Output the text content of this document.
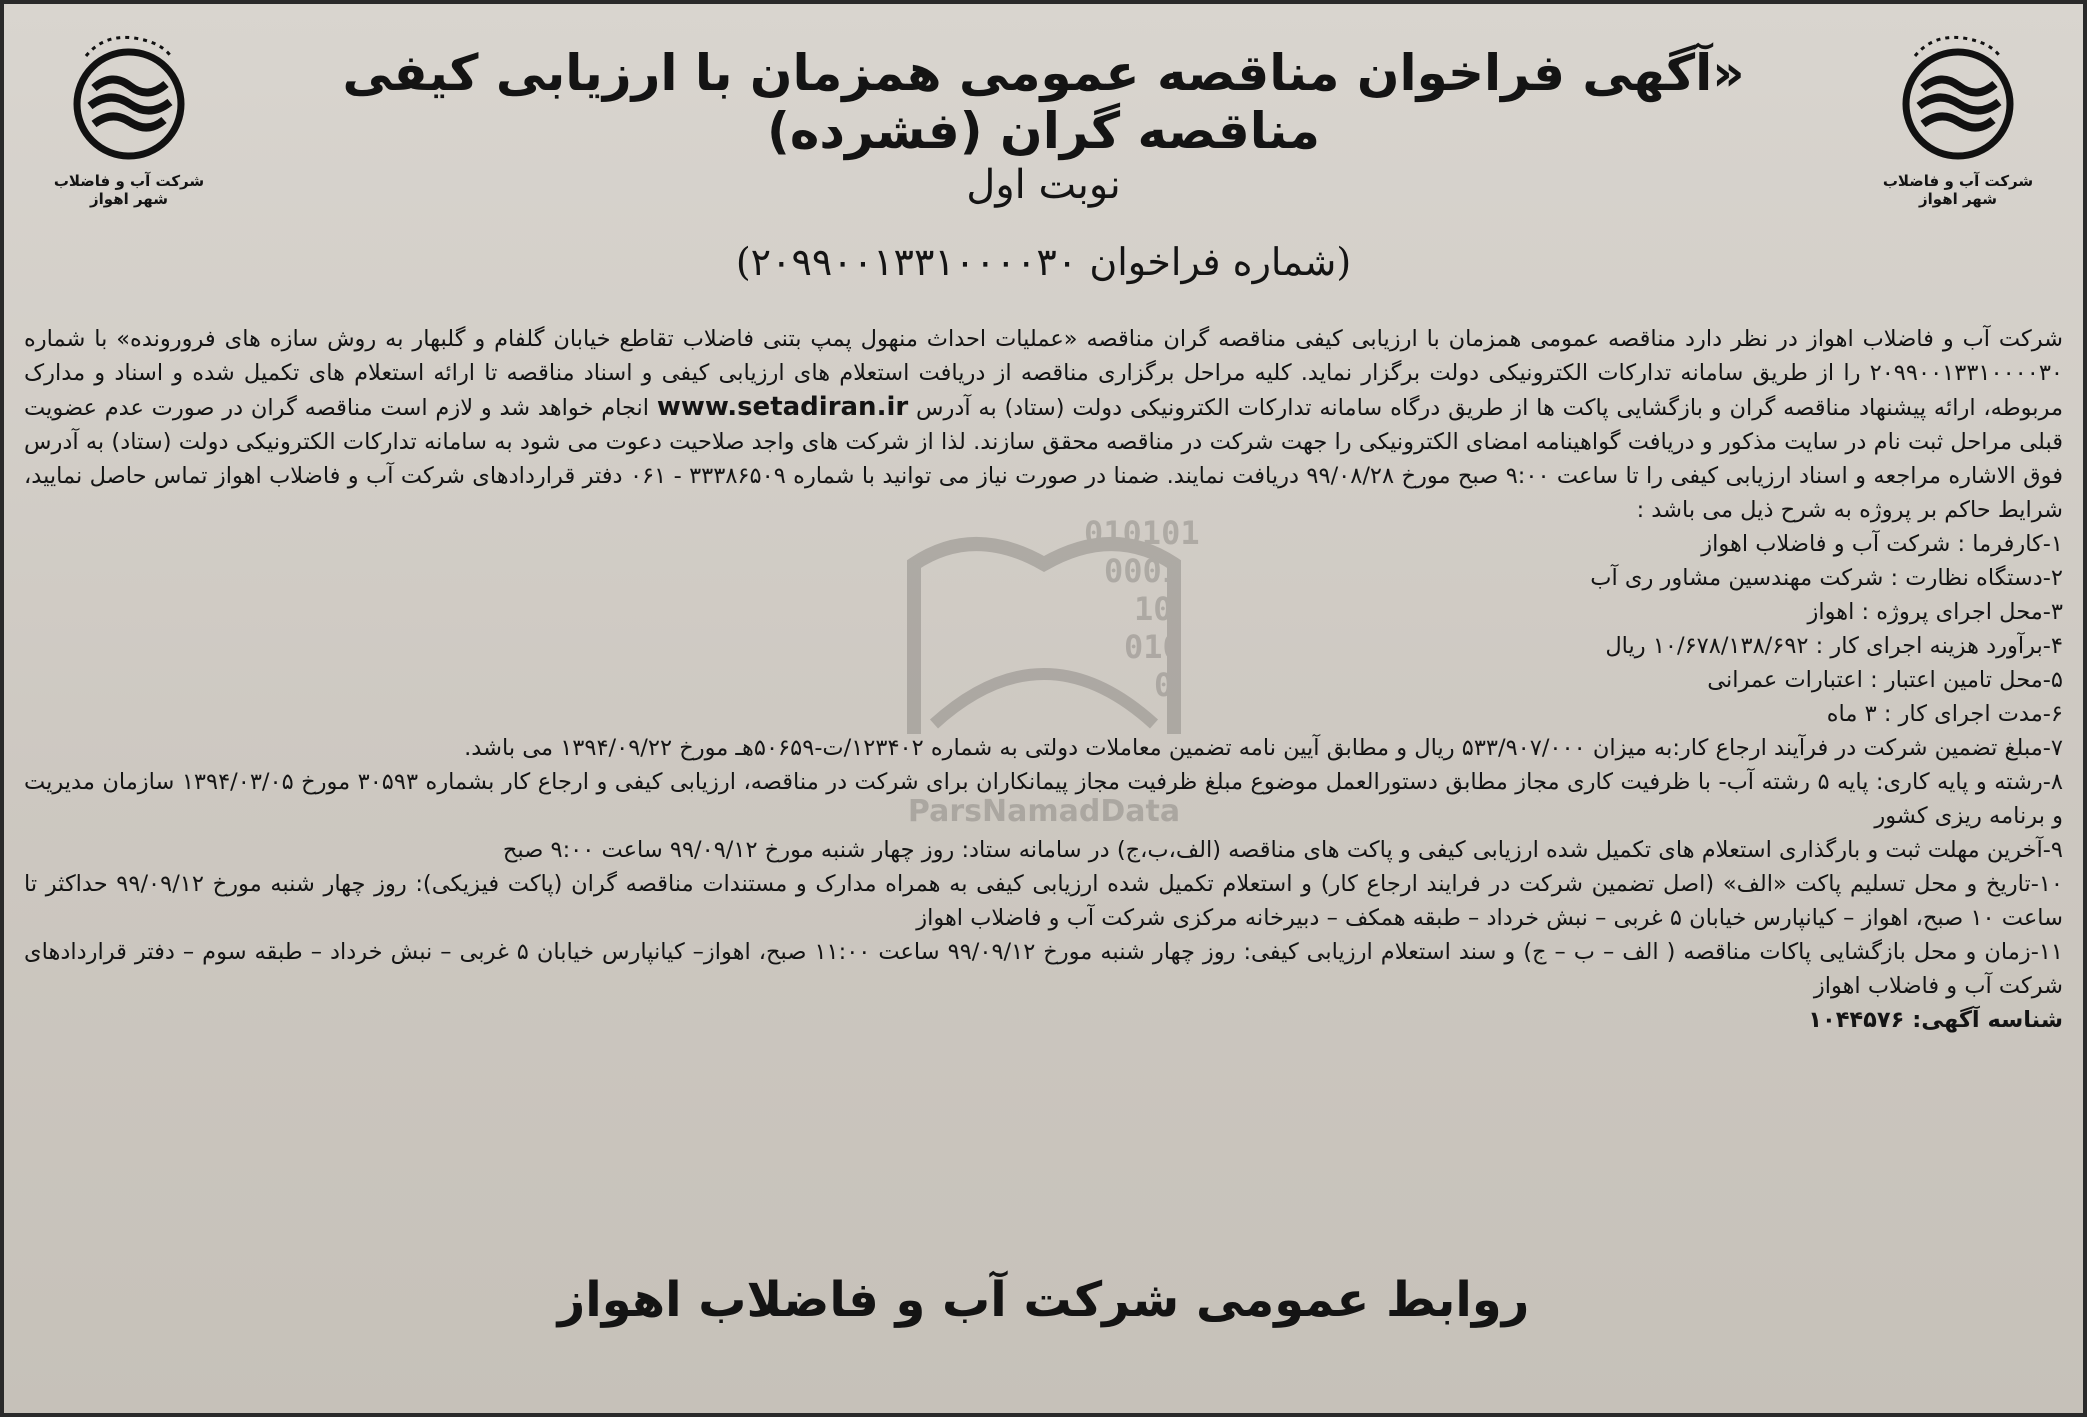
شرکت آب و فاضلاب شهر اهواز
شرکت آب و فاضلاب شهر اهواز
«آگهی فراخوان مناقصه عمومی همزمان با ارزیابی کیفی مناقصه گران (فشرده)
نوبت اول
(شماره فراخوان ۲۰۹۹۰۰۱۳۳۱۰۰۰۰۳۰)
010101
0001
10
010
0
ParsNamadData

شرکت آب و فاضلاب اهواز در نظر دارد مناقصه عمومی همزمان با ارزیابی کیفی مناقصه گران مناقصه «عملیات احداث منهول پمپ بتنی فاضلاب تقاطع خیابان گلفام و گلبهار به روش سازه های فرورونده» با شماره ۲۰۹۹۰۰۱۳۳۱۰۰۰۰۳۰ را از طریق سامانه تدارکات الکترونیکی دولت برگزار نماید. کلیه مراحل برگزاری مناقصه از دریافت استعلام های ارزیابی کیفی و اسناد مناقصه تا ارائه استعلام های تکمیل شده و اسناد و مدارک مربوطه، ارائه پیشنهاد مناقصه گران و بازگشایی پاکت ها از طریق درگاه سامانه تدارکات الکترونیکی دولت (ستاد) به آدرس www.setadiran.ir انجام خواهد شد و لازم است مناقصه گران در صورت عدم عضویت قبلی مراحل ثبت نام در سایت مذکور و دریافت گواهینامه امضای الکترونیکی را جهت شرکت در مناقصه محقق سازند. لذا از شرکت های واجد صلاحیت دعوت می شود به سامانه تدارکات الکترونیکی دولت (ستاد) به آدرس فوق الاشاره مراجعه و اسناد ارزیابی کیفی را تا ساعت ۹:۰۰ صبح مورخ ۹۹/۰۸/۲۸ دریافت نمایند. ضمنا در صورت نیاز می توانید با شماره ۳۳۳۸۶۵۰۹ - ۰۶۱ دفتر قراردادهای شرکت آب و فاضلاب اهواز تماس حاصل نمایید، شرایط حاکم بر پروژه به شرح ذیل می باشد :

۱-کارفرما : شرکت آب و فاضلاب اهواز
۲-دستگاه نظارت : شرکت مهندسین مشاور ری آب
۳-محل اجرای پروژه : اهواز
۴-برآورد هزینه اجرای کار : ۱۰/۶۷۸/۱۳۸/۶۹۲ ریال
۵-محل تامین اعتبار : اعتبارات عمرانی
۶-مدت اجرای کار : ۳ ماه
۷-مبلغ تضمین شرکت در فرآیند ارجاع کار:به میزان ۵۳۳/۹۰۷/۰۰۰ ریال و مطابق آیین نامه تضمین معاملات دولتی به شماره ۱۲۳۴۰۲/ت-۵۰۶۵۹هـ مورخ ۱۳۹۴/۰۹/۲۲ می باشد.
۸-رشته و پایه کاری: پایه ۵ رشته آب- با ظرفیت کاری مجاز مطابق دستورالعمل موضوع مبلغ ظرفیت مجاز پیمانکاران برای شرکت در مناقصه، ارزیابی کیفی و ارجاع کار بشماره ۳۰۵۹۳ مورخ ۱۳۹۴/۰۳/۰۵ سازمان مدیریت و برنامه ریزی کشور
۹-آخرین مهلت ثبت و بارگذاری استعلام های تکمیل شده ارزیابی کیفی و پاکت های مناقصه (الف،ب،ج) در سامانه ستاد: روز چهار شنبه مورخ ۹۹/۰۹/۱۲ ساعت ۹:۰۰ صبح
۱۰-تاریخ و محل تسلیم پاکت «الف» (اصل تضمین شرکت در فرایند ارجاع کار) و استعلام تکمیل شده ارزیابی کیفی به همراه مدارک و مستندات مناقصه گران (پاکت فیزیکی): روز چهار شنبه مورخ ۹۹/۰۹/۱۲ حداکثر تا ساعت ۱۰ صبح، اهواز – کیانپارس خیابان ۵ غربی – نبش خرداد – طبقه همکف – دبیرخانه مرکزی شرکت آب و فاضلاب اهواز
۱۱-زمان و محل بازگشایی پاکات مناقصه ( الف – ب – ج) و سند استعلام ارزیابی کیفی: روز چهار شنبه مورخ ۹۹/۰۹/۱۲ ساعت ۱۱:۰۰ صبح، اهواز– کیانپارس خیابان ۵ غربی – نبش خرداد – طبقه سوم – دفتر قراردادهای شرکت آب و فاضلاب اهواز
شناسه آگهی: ۱۰۴۴۵۷۶
روابط عمومی شرکت آب و فاضلاب اهواز
